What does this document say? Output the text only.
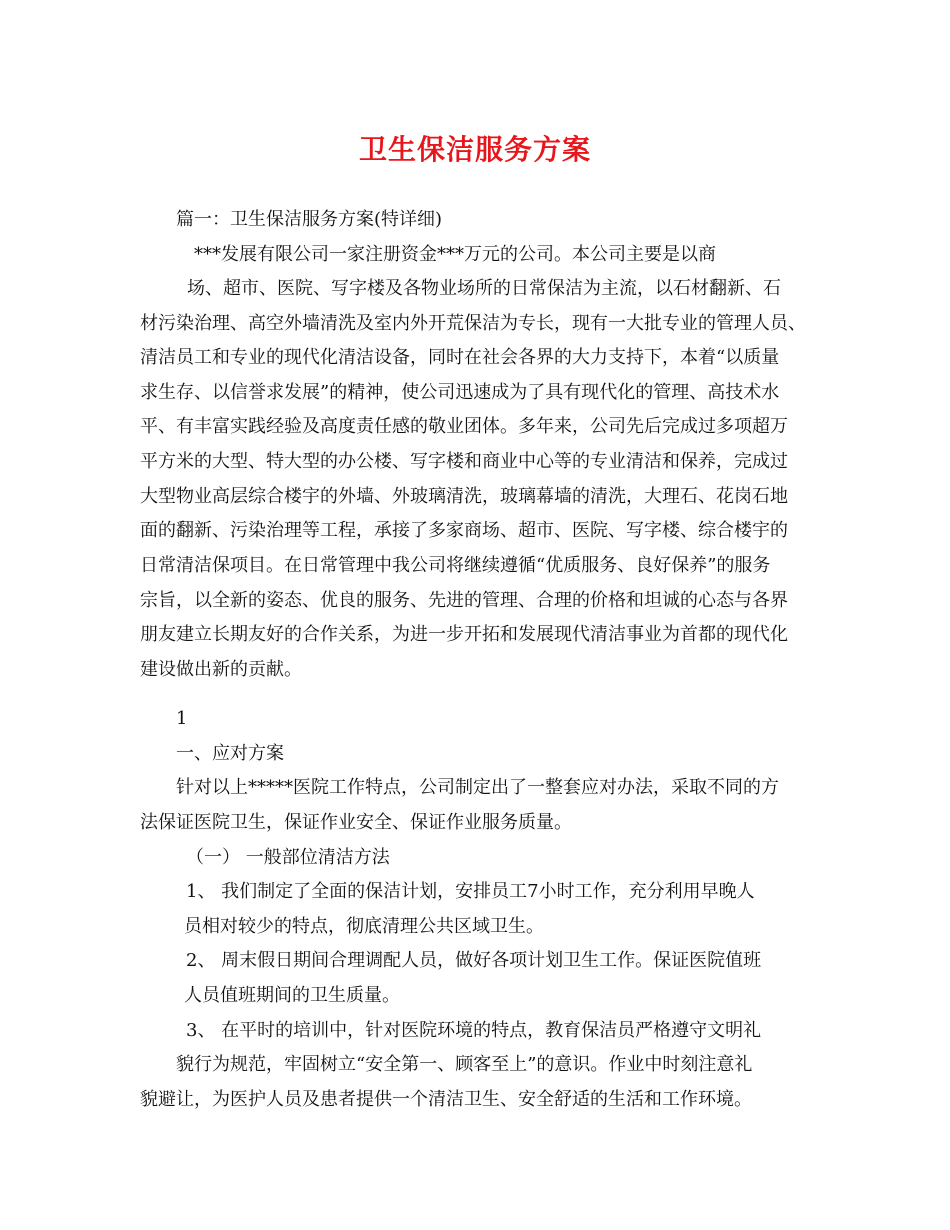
卫生保洁服务方案
篇一：卫生保洁服务方案(特详细)
***发展有限公司一家注册资金***万元的公司。本公司主要是以商
场、超市、医院、写字楼及各物业场所的日常保洁为主流，以石材翻新、石
材污染治理、高空外墙清洗及室内外开荒保洁为专长，现有一大批专业的管理人员、
清洁员工和专业的现代化清洁设备，同时在社会各界的大力支持下，本着“以质量
求生存、以信誉求发展”的精神，使公司迅速成为了具有现代化的管理、高技术水
平、有丰富实践经验及高度责任感的敬业团体。多年来，公司先后完成过多项超万
平方米的大型、特大型的办公楼、写字楼和商业中心等的专业清洁和保养，完成过
大型物业高层综合楼宇的外墙、外玻璃清洗，玻璃幕墙的清洗，大理石、花岗石地
面的翻新、污染治理等工程，承接了多家商场、超市、医院、写字楼、综合楼宇的
日常清洁保项目。在日常管理中我公司将继续遵循“优质服务、良好保养”的服务
宗旨，以全新的姿态、优良的服务、先进的管理、合理的价格和坦诚的心态与各界
朋友建立长期友好的合作关系，为进一步开拓和发展现代清洁事业为首都的现代化
建设做出新的贡献。
1
一、应对方案
针对以上*****医院工作特点，公司制定出了一整套应对办法，采取不同的方
法保证医院卫生，保证作业安全、保证作业服务质量。
（一） 一般部位清洁方法
1、 我们制定了全面的保洁计划，安排员工7小时工作，充分利用早晚人
员相对较少的特点，彻底清理公共区域卫生。
2、 周末假日期间合理调配人员，做好各项计划卫生工作。保证医院值班
人员值班期间的卫生质量。
3、 在平时的培训中，针对医院环境的特点，教育保洁员严格遵守文明礼
貌行为规范，牢固树立“安全第一、顾客至上”的意识。作业中时刻注意礼
貌避让，为医护人员及患者提供一个清洁卫生、安全舒适的生活和工作环境。
